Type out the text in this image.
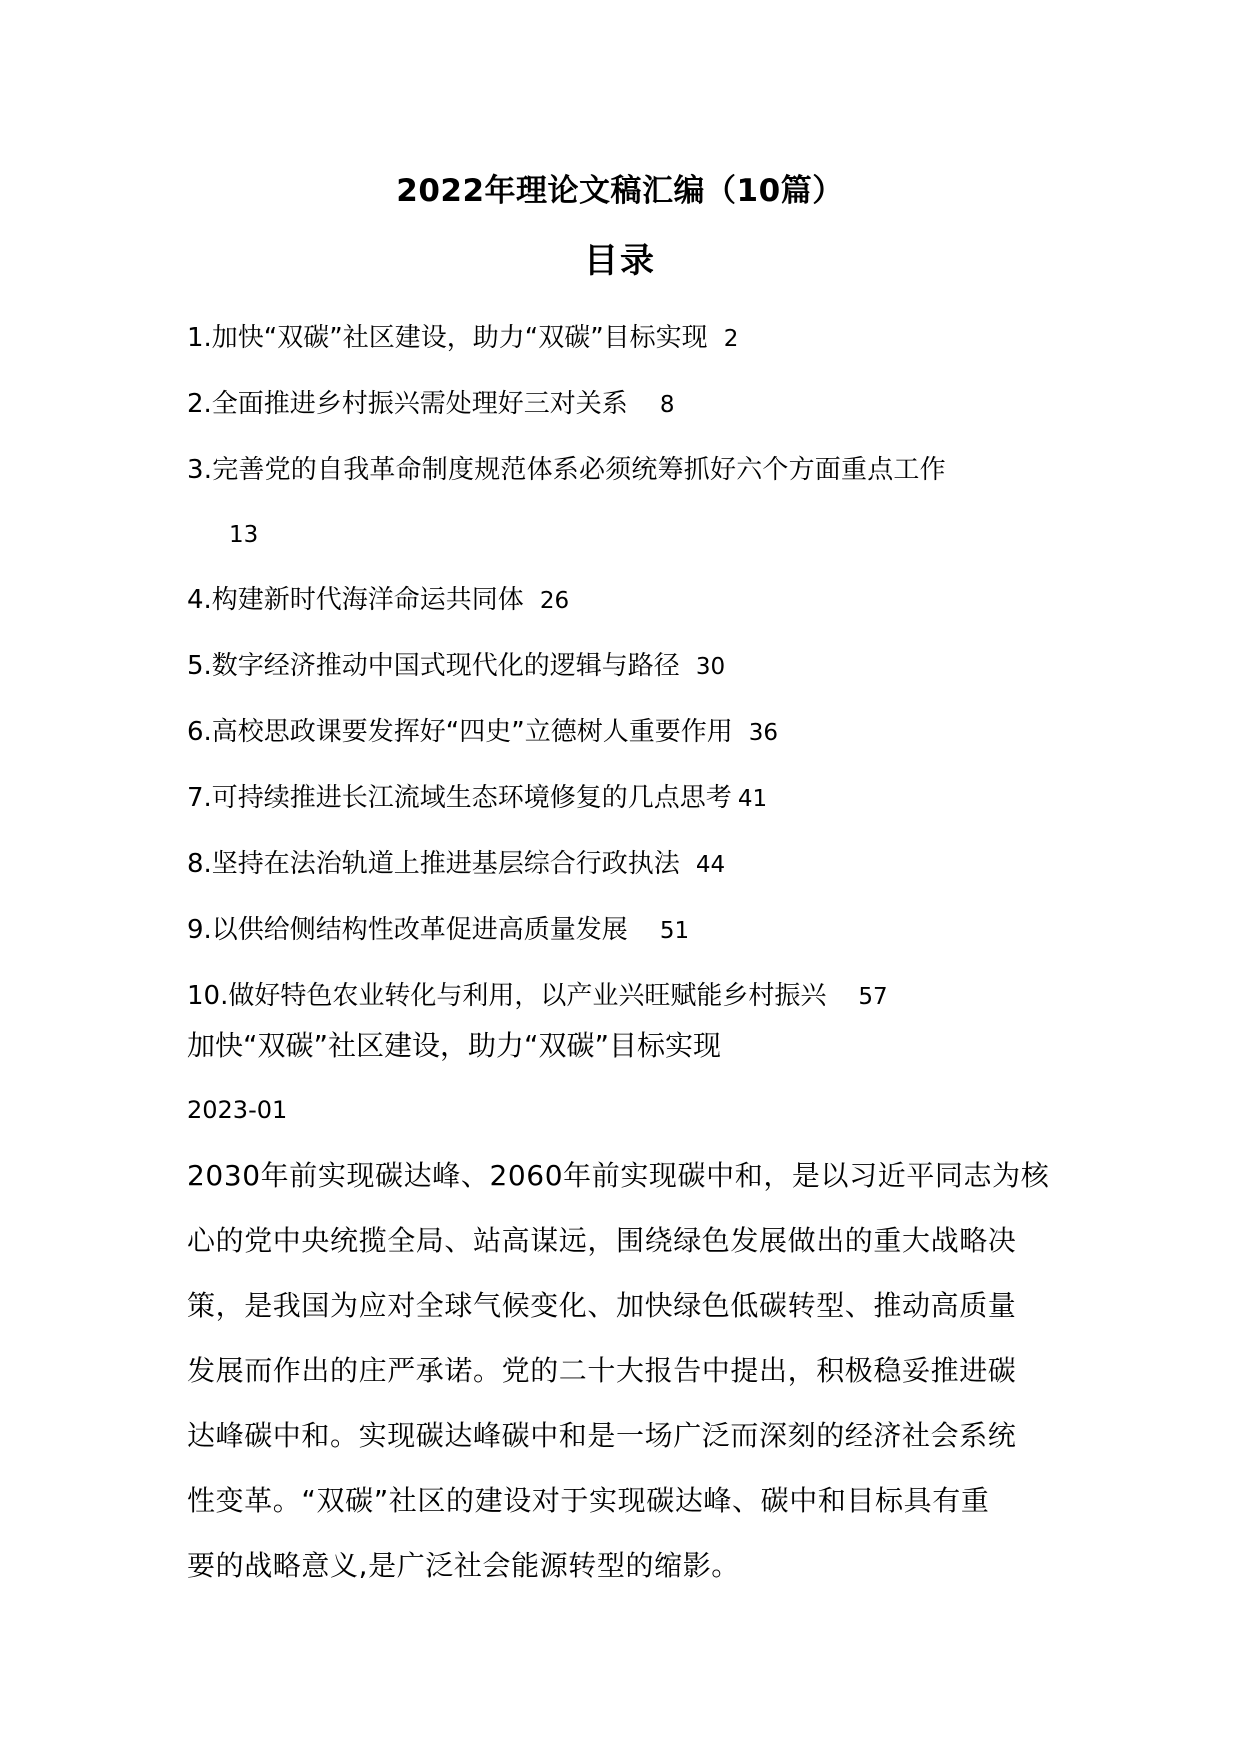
2022年理论文稿汇编（10篇）
目录
1.加快“双碳”社区建设，助力“双碳”目标实现 2
2.全面推进乡村振兴需处理好三对关系 8
3.完善党的自我革命制度规范体系必须统筹抓好六个方面重点工作
13
4.构建新时代海洋命运共同体 26
5.数字经济推动中国式现代化的逻辑与路径 30
6.高校思政课要发挥好“四史”立德树人重要作用 36
7.可持续推进长江流域生态环境修复的几点思考 41
8.坚持在法治轨道上推进基层综合行政执法 44
9.以供给侧结构性改革促进高质量发展 51
10.做好特色农业转化与利用，以产业兴旺赋能乡村振兴 57
加快“双碳”社区建设，助力“双碳”目标实现
2023-01

2030年前实现碳达峰、2060年前实现碳中和，是以习近平同志为核
心的党中央统揽全局、站高谋远，围绕绿色发展做出的重大战略决
策，是我国为应对全球气候变化、加快绿色低碳转型、推动高质量
发展而作出的庄严承诺。党的二十大报告中提出，积极稳妥推进碳
达峰碳中和。实现碳达峰碳中和是一场广泛而深刻的经济社会系统
性变革。“双碳”社区的建设对于实现碳达峰、碳中和目标具有重
要的战略意义,是广泛社会能源转型的缩影。
